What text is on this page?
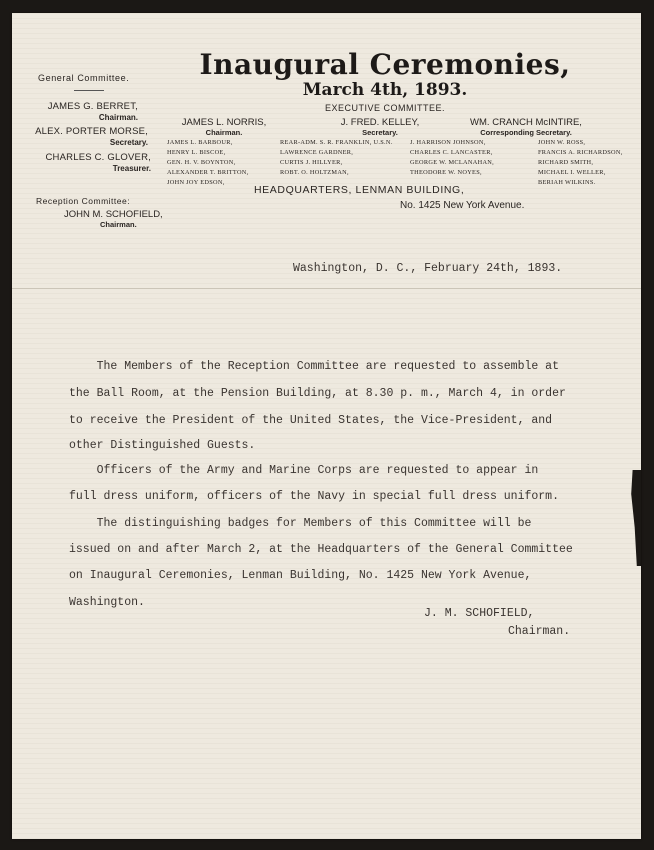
General Committee.
JAMES G. BERRET,
Chairman.
ALEX. PORTER MORSE,
Secretary.
CHARLES C. GLOVER,
Treasurer.
Reception Committee:
JOHN M. SCHOFIELD,
Chairman.
Inaugural Ceremonies,
March 4th, 1893.
EXECUTIVE COMMITTEE.
JAMES L. NORRIS,
Chairman.
J. FRED. KELLEY,
Secretary.
WM. CRANCH McINTIRE,
Corresponding Secretary.
JAMES L. BARBOUR,
HENRY L. BISCOE,
GEN. H. V. BOYNTON,
ALEXANDER T. BRITTON,
JOHN JOY EDSON,
REAR-ADM. S. R. FRANKLIN, U.S.N.
LAWRENCE GARDNER,
CURTIS J. HILLYER,
ROBT. O. HOLTZMAN,
J. HARRISON JOHNSON,
CHARLES C. LANCASTER,
GEORGE W. MCLANAHAN,
THEODORE W. NOYES,
JOHN W. ROSS,
FRANCIS A. RICHARDSON,
RICHARD SMITH,
MICHAEL I. WELLER,
BERIAH WILKINS.
HEADQUARTERS, LENMAN BUILDING,
No. 1425 New York Avenue.
Washington, D. C., February 24th, 1893.
The Members of the Reception Committee are requested to assemble at
the Ball Room, at the Pension Building, at 8.30 p. m., March 4, in order
to receive the President of the United States, the Vice-President, and
other Distinguished Guests.
Officers of the Army and Marine Corps are requested to appear in
full dress uniform, officers of the Navy in special full dress uniform.
The distinguishing badges for Members of this Committee will be
issued on and after March 2, at the Headquarters of the General Committee
on Inaugural Ceremonies, Lenman Building, No. 1425 New York Avenue,
Washington.
J. M. SCHOFIELD,
Chairman.
